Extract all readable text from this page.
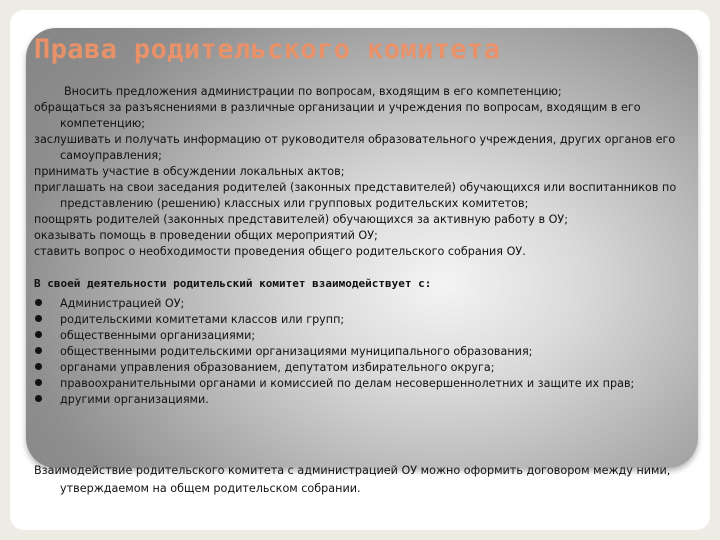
Права родительского комитета

Вносить предложения администрации по вопросам, входящим в его компетенцию;

обращаться за разъяснениями в различные организации и учреждения по вопросам, входящим в его компетенцию;

заслушивать и получать информацию от руководителя образовательного учреждения, других органов его самоуправления;

принимать участие в обсуждении локальных актов;

приглашать на свои заседания родителей (законных представителей) обучающихся или воспитанников по представлению (решению) классных или групповых родительских комитетов;

поощрять родителей (законных представителей) обучающихся за активную работу в ОУ;

оказывать помощь в проведении общих мероприятий ОУ;

ставить вопрос о необходимости проведения общего родительского собрания ОУ.

В своей деятельности родительский комитет взаимодействует с:

Администрацией ОУ;
родительскими комитетами классов или групп;
общественными организациями;
общественными родительскими организациями муниципального образования;
органами управления образованием, депутатом избирательного округа;
правоохранительными органами и комиссией по делам несовершеннолетних и защите их прав;
другими организациями.

Взаимодействие родительского комитета с администрацией ОУ можно оформить договором между ними, утверждаемом на общем родительском собрании.
